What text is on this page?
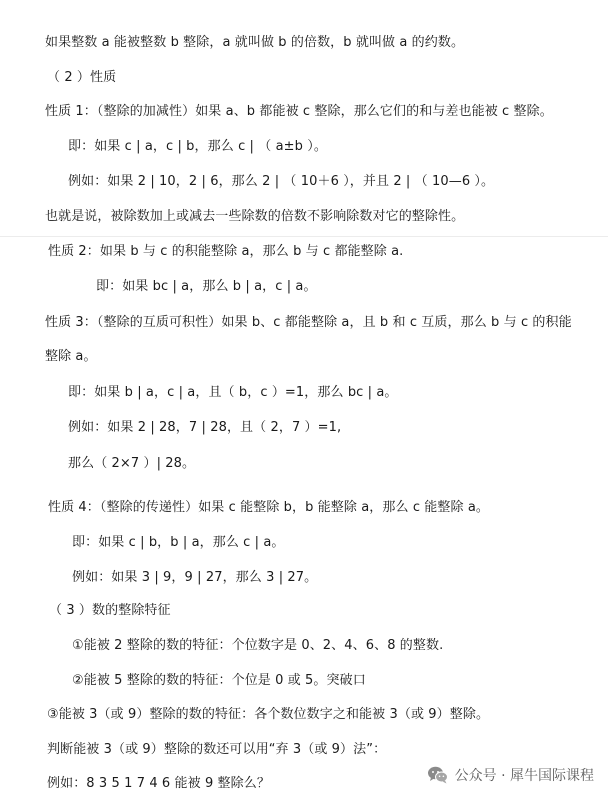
如果整数 a 能被整数 b 整除，a 就叫做 b 的倍数，b 就叫做 a 的约数。
（ 2 ）性质
性质 1：（整除的加减性）如果 a、b 都能被 c 整除，那么它们的和与差也能被 c 整除。
即：如果 c | a，c | b，那么 c | （ a±b ）。
例如：如果 2 | 10，2 | 6，那么 2 | （ 10＋6 ），并且 2 | （ 10—6 ）。
也就是说，被除数加上或减去一些除数的倍数不影响除数对它的整除性。
性质 2：如果 b 与 c 的积能整除 a，那么 b 与 c 都能整除 a.
即：如果 bc | a，那么 b | a，c | a。
性质 3：（整除的互质可积性）如果 b、c 都能整除 a，且 b 和 c 互质，那么 b 与 c 的积能
整除 a。
即：如果 b | a，c | a，且（ b，c ）=1，那么 bc | a。
例如：如果 2 | 28，7 | 28，且（ 2，7 ）=1,
那么（ 2×7 ）| 28。
性质 4：（整除的传递性）如果 c 能整除 b，b 能整除 a，那么 c 能整除 a。
即：如果 c | b，b | a，那么 c | a。
例如：如果 3 | 9，9 | 27，那么 3 | 27。
（ 3 ）数的整除特征
①能被 2 整除的数的特征：个位数字是 0、2、4、6、8 的整数.
②能被 5 整除的数的特征：个位是 0 或 5。突破口
③能被 3（或 9）整除的数的特征：各个数位数字之和能被 3（或 9）整除。
判断能被 3（或 9）整除的数还可以用“弃 3（或 9）法”：
例如：8 3 5 1 7 4 6 能被 9 整除么？	公众号 · 犀牛国际课程
